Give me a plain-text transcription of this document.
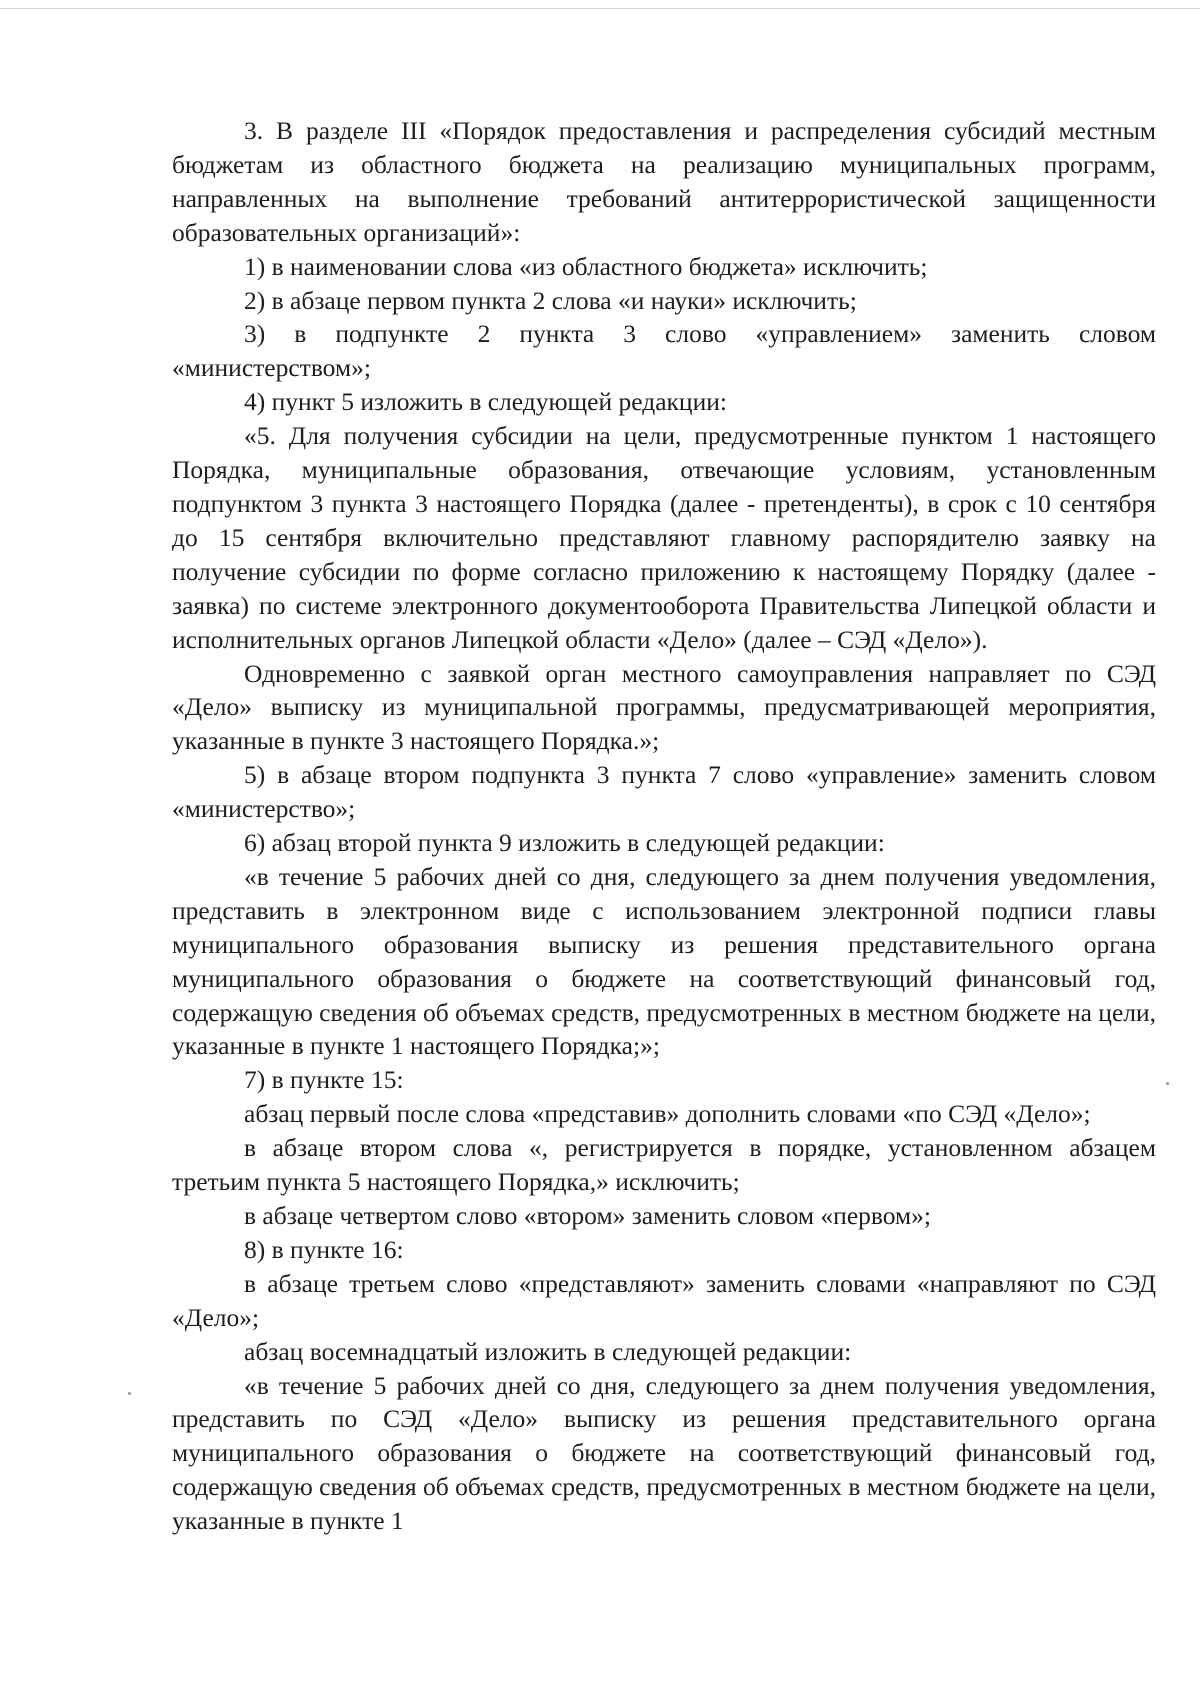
3. В разделе III «Порядок предоставления и распределения субсидий местным бюджетам из областного бюджета на реализацию муниципальных программ, направленных на выполнение требований антитеррористической защищенности образовательных организаций»:

1) в наименовании слова «из областного бюджета» исключить;

2) в абзаце первом пункта 2 слова «и науки» исключить;

3) в подпункте 2 пункта 3 слово «управлением» заменить словом «министерством»;

4) пункт 5 изложить в следующей редакции:

«5. Для получения субсидии на цели, предусмотренные пунктом 1 настоящего Порядка, муниципальные образования, отвечающие условиям, установленным подпунктом 3 пункта 3 настоящего Порядка (далее - претенденты), в срок с 10 сентября до 15 сентября включительно представляют главному распорядителю заявку на получение субсидии по форме согласно приложению к настоящему Порядку (далее - заявка) по системе электронного документооборота Правительства Липецкой области и исполнительных органов Липецкой области «Дело» (далее – СЭД «Дело»).

Одновременно с заявкой орган местного самоуправления направляет по СЭД «Дело» выписку из муниципальной программы, предусматривающей мероприятия, указанные в пункте 3 настоящего Порядка.»;

5) в абзаце втором подпункта 3 пункта 7 слово «управление» заменить словом «министерство»;

6) абзац второй пункта 9 изложить в следующей редакции:

«в течение 5 рабочих дней со дня, следующего за днем получения уведомления, представить в электронном виде с использованием электронной подписи главы муниципального образования выписку из решения представительного органа муниципального образования о бюджете на соответствующий финансовый год, содержащую сведения об объемах средств, предусмотренных в местном бюджете на цели, указанные в пункте 1 настоящего Порядка;»;

7) в пункте 15:

абзац первый после слова «представив» дополнить словами «по СЭД «Дело»;

в абзаце втором слова «, регистрируется в порядке, установленном абзацем третьим пункта 5 настоящего Порядка,» исключить;

в абзаце четвертом слово «втором» заменить словом «первом»;

8) в пункте 16:

в абзаце третьем слово «представляют» заменить словами «направляют по СЭД «Дело»;

абзац восемнадцатый изложить в следующей редакции:

«в течение 5 рабочих дней со дня, следующего за днем получения уведомления, представить по СЭД «Дело» выписку из решения представительного органа муниципального образования о бюджете на соответствующий финансовый год, содержащую сведения об объемах средств, предусмотренных в местном бюджете на цели, указанные в пункте 1
